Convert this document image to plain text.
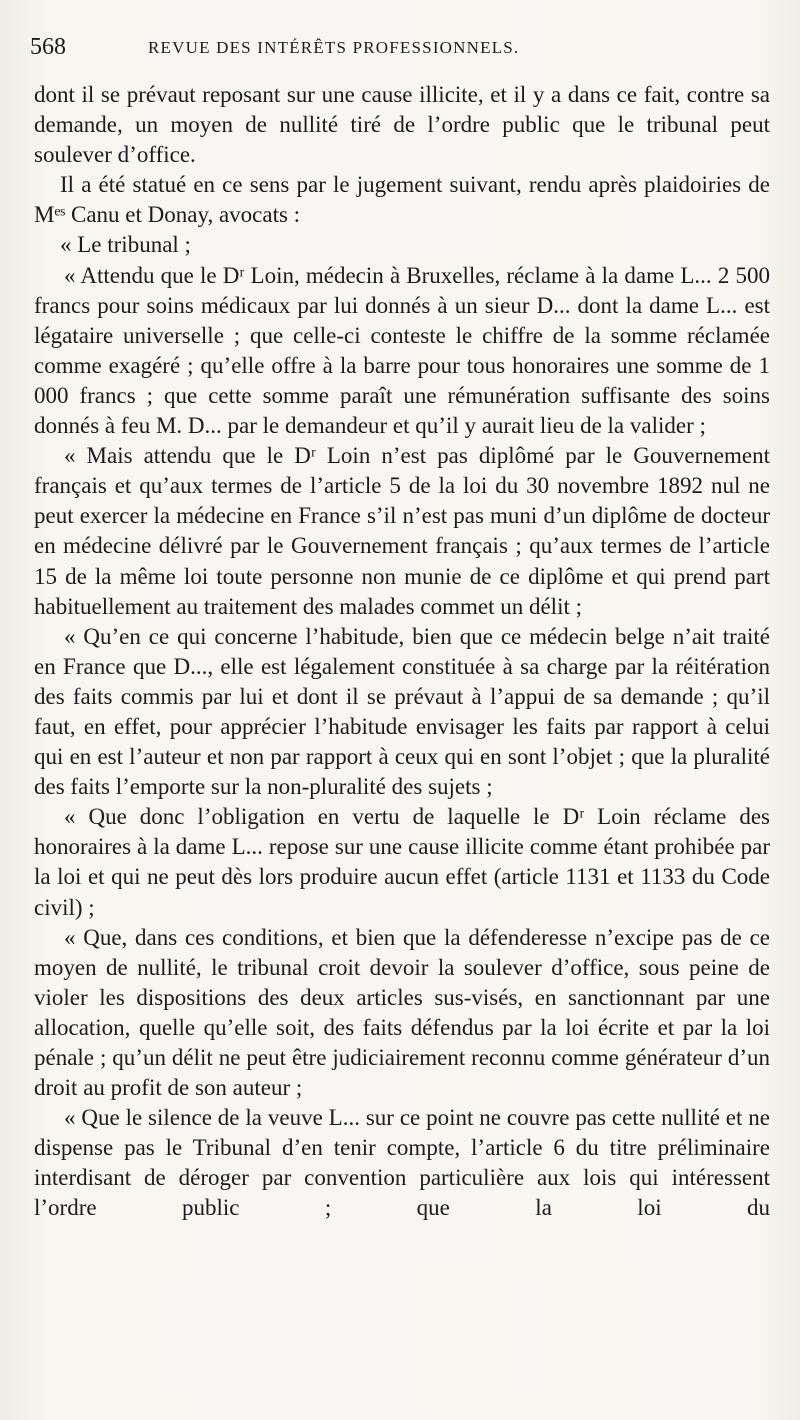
568	REVUE DES INTÉRÊTS PROFESSIONNELS.

dont il se prévaut reposant sur une cause illicite, et il y a dans ce fait, contre sa demande, un moyen de nullité tiré de l’ordre public que le tribunal peut soulever d’office.

Il a été statué en ce sens par le jugement suivant, rendu après plaidoiries de Mᵉˢ Canu et Donay, avocats :

« Le tribunal ;

« Attendu que le Dʳ Loin, médecin à Bruxelles, réclame à la dame L... 2 500 francs pour soins médicaux par lui donnés à un sieur D... dont la dame L... est légataire universelle ; que celle-ci conteste le chiffre de la somme réclamée comme exagéré ; qu’elle offre à la barre pour tous honoraires une somme de 1 000 francs ; que cette somme paraît une rémunération suffisante des soins donnés à feu M. D... par le demandeur et qu’il y aurait lieu de la valider ;

« Mais attendu que le Dʳ Loin n’est pas diplômé par le Gouvernement français et qu’aux termes de l’article 5 de la loi du 30 novembre 1892 nul ne peut exercer la médecine en France s’il n’est pas muni d’un diplôme de docteur en médecine délivré par le Gouvernement français ; qu’aux termes de l’article 15 de la même loi toute personne non munie de ce diplôme et qui prend part habituellement au traitement des malades commet un délit ;

« Qu’en ce qui concerne l’habitude, bien que ce médecin belge n’ait traité en France que D..., elle est légalement constituée à sa charge par la réitération des faits commis par lui et dont il se prévaut à l’appui de sa demande ; qu’il faut, en effet, pour apprécier l’habitude envisager les faits par rapport à celui qui en est l’auteur et non par rapport à ceux qui en sont l’objet ; que la pluralité des faits l’emporte sur la non-pluralité des sujets ;

« Que donc l’obligation en vertu de laquelle le Dʳ Loin réclame des honoraires à la dame L... repose sur une cause illicite comme étant prohibée par la loi et qui ne peut dès lors produire aucun effet (article 1131 et 1133 du Code civil) ;

« Que, dans ces conditions, et bien que la défenderesse n’excipe pas de ce moyen de nullité, le tribunal croit devoir la soulever d’office, sous peine de violer les dispositions des deux articles sus-visés, en sanctionnant par une allocation, quelle qu’elle soit, des faits défendus par la loi écrite et par la loi pénale ; qu’un délit ne peut être judiciairement reconnu comme générateur d’un droit au profit de son auteur ;

« Que le silence de la veuve L... sur ce point ne couvre pas cette nullité et ne dispense pas le Tribunal d’en tenir compte, l’article 6 du titre préliminaire interdisant de déroger par convention particulière aux lois qui intéressent l’ordre public ; que la loi du
